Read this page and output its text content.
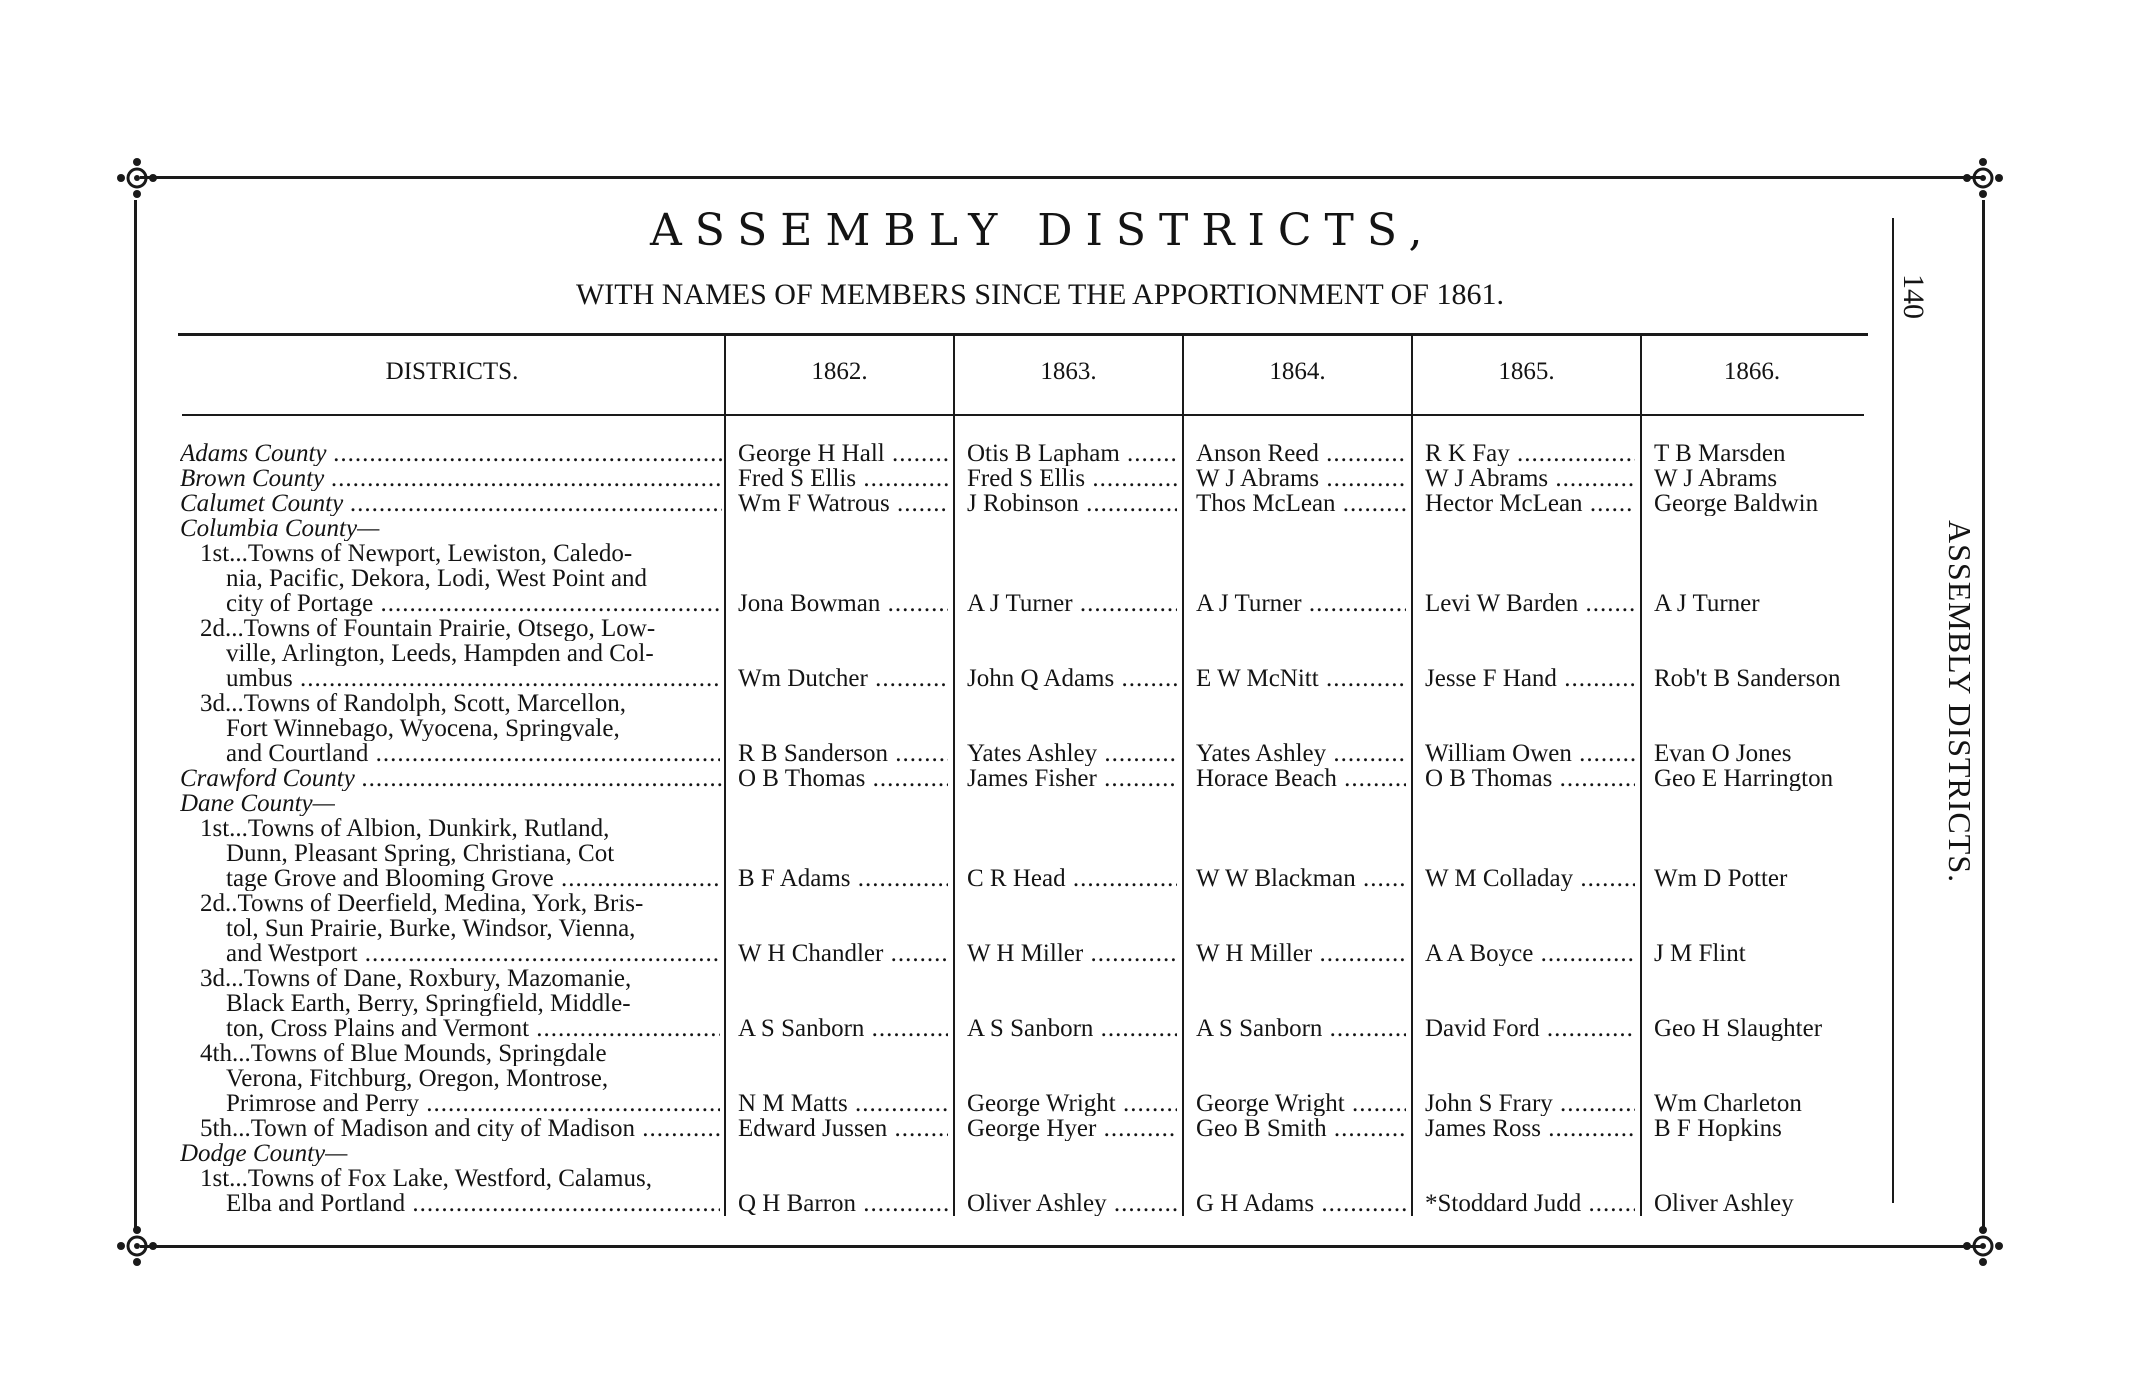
ASSEMBLY DISTRICTS,
WITH NAMES OF MEMBERS SINCE THE APPORTIONMENT OF 1861.	140
ASSEMBLY DISTRICTS.
DISTRICTS.	1862.	1863.	1864.	1865.	1866.
Adams County .....	George H Hall .....	Otis B Lapham .....	Anson Reed .....	R K Fay .....	T B Marsden
Brown County .....	Fred S Ellis .....	Fred S Ellis .....	W J Abrams .....	W J Abrams .....	W J Abrams
Calumet County .....	Wm F Watrous .....	J Robinson .....	Thos McLean .....	Hector McLean .....	George Baldwin
Columbia County—
1st...Towns of Newport, Lewiston, Caledo-
nia, Pacific, Dekora, Lodi, West Point and
city of Portage .....	Jona Bowman .....	A J Turner .....	A J Turner .....	Levi W Barden .....	A J Turner
2d...Towns of Fountain Prairie, Otsego, Low-
ville, Arlington, Leeds, Hampden and Col-
umbus .....	Wm Dutcher .....	John Q Adams .....	E W McNitt .....	Jesse F Hand .....	Rob't B Sanderson
3d...Towns of Randolph, Scott, Marcellon,
Fort Winnebago, Wyocena, Springvale,
and Courtland .....	R B Sanderson .....	Yates Ashley .....	Yates Ashley .....	William Owen .....	Evan O Jones
Crawford County .....	O B Thomas .....	James Fisher .....	Horace Beach .....	O B Thomas .....	Geo E Harrington
Dane County—
1st...Towns of Albion, Dunkirk, Rutland,
Dunn, Pleasant Spring, Christiana, Cot
tage Grove and Blooming Grove .....	B F Adams .....	C R Head .....	W W Blackman .....	W M Colladay .....	Wm D Potter
2d..Towns of Deerfield, Medina, York, Bris-
tol, Sun Prairie, Burke, Windsor, Vienna,
and Westport .....	W H Chandler .....	W H Miller .....	W H Miller .....	A A Boyce .....	J M Flint
3d...Towns of Dane, Roxbury, Mazomanie,
Black Earth, Berry, Springfield, Middle-
ton, Cross Plains and Vermont .....	A S Sanborn .....	A S Sanborn .....	A S Sanborn .....	David Ford .....	Geo H Slaughter
4th...Towns of Blue Mounds, Springdale
Verona, Fitchburg, Oregon, Montrose,
Primrose and Perry .....	N M Matts .....	George Wright .....	George Wright .....	John S Frary .....	Wm Charleton
5th...Town of Madison and city of Madison .....	Edward Jussen .....	George Hyer .....	Geo B Smith .....	James Ross .....	B F Hopkins
Dodge County—
1st...Towns of Fox Lake, Westford, Calamus,
Elba and Portland .....	Q H Barron .....	Oliver Ashley .....	G H Adams .....	*Stoddard Judd .....	Oliver Ashley
